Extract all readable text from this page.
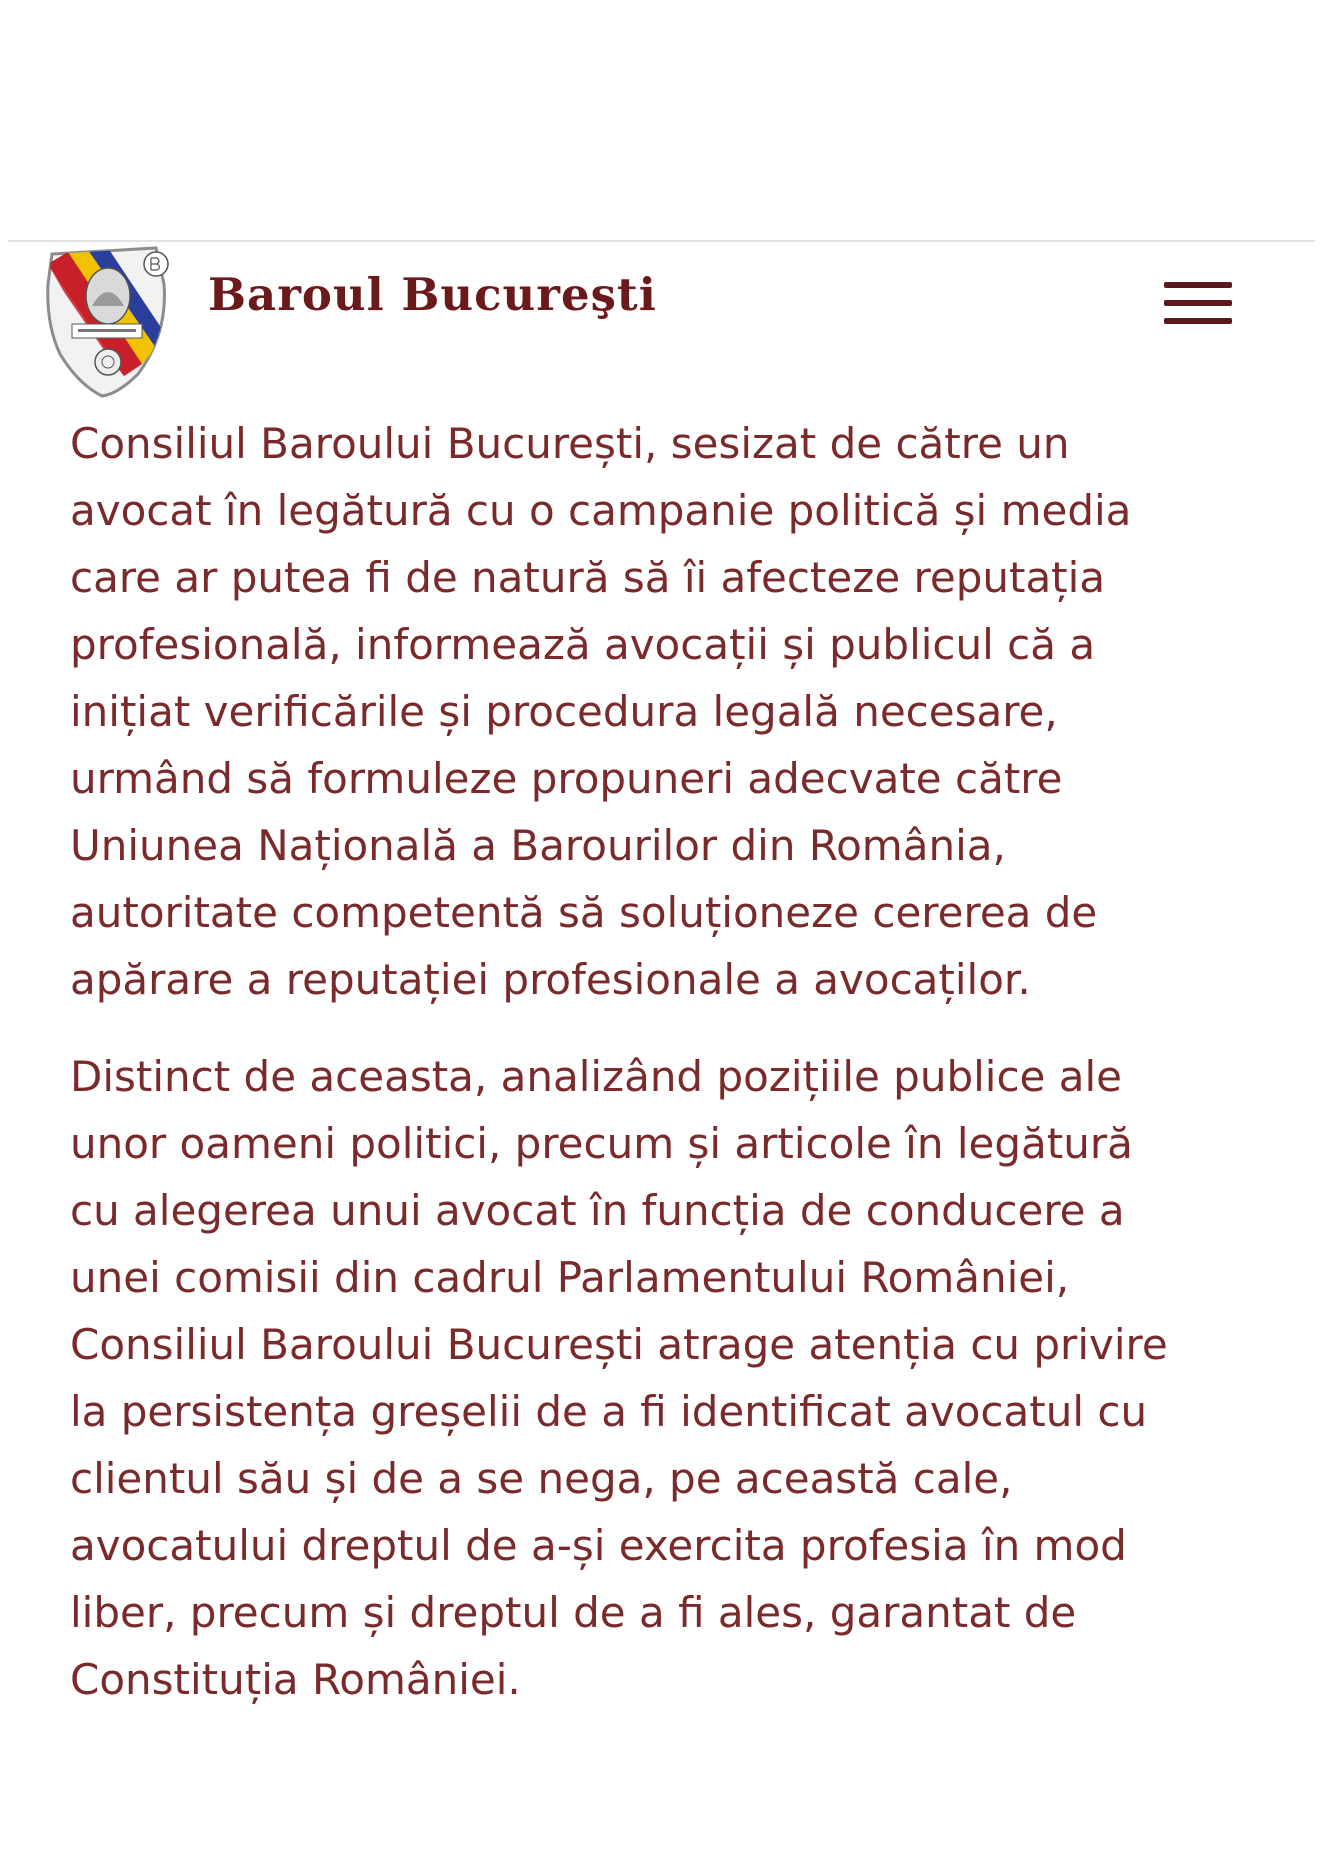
Baroul Bucureşti

Consiliul Baroului București, sesizat de către un

avocat în legătură cu o campanie politică și media

care ar putea fi de natură să îi afecteze reputația

profesională, informează avocații și publicul că a

inițiat verificările și procedura legală necesare,

urmând să formuleze propuneri adecvate către

Uniunea Națională a Barourilor din România,

autoritate competentă să soluționeze cererea de

apărare a reputației profesionale a avocaților.

Distinct de aceasta, analizând pozițiile publice ale

unor oameni politici, precum și articole în legătură

cu alegerea unui avocat în funcția de conducere a

unei comisii din cadrul Parlamentului României,

Consiliul Baroului București atrage atenția cu privire

la persistența greșelii de a fi identificat avocatul cu

clientul său și de a se nega, pe această cale,

avocatului dreptul de a-și exercita profesia în mod

liber, precum și dreptul de a fi ales, garantat de

Constituția României.
